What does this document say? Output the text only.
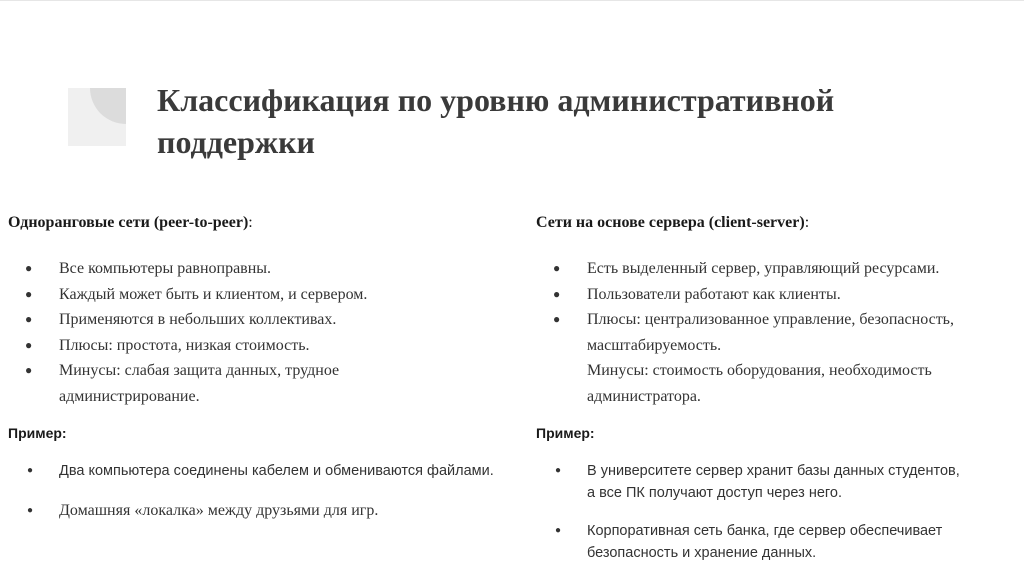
Классификация по уровню административной поддержки

Одноранговые сети (peer-to-peer):

● Все компьютеры равноправны.
● Каждый может быть и клиентом, и сервером.
● Применяются в небольших коллективах.
● Плюсы: простота, низкая стоимость.
● Минусы: слабая защита данных, трудное администрирование.

Пример:

● Два компьютера соединены кабелем и обмениваются файлами.
● Домашняя «локалка» между друзьями для игр.

Сети на основе сервера (client-server):

● Есть выделенный сервер, управляющий ресурсами.
● Пользователи работают как клиенты.
● Плюсы: централизованное управление, безопасность, масштабируемость.
Минусы: стоимость оборудования, необходимость администратора.

Пример:

● В университете сервер хранит базы данных студентов, а все ПК получают доступ через него.
● Корпоративная сеть банка, где сервер обеспечивает безопасность и хранение данных.
